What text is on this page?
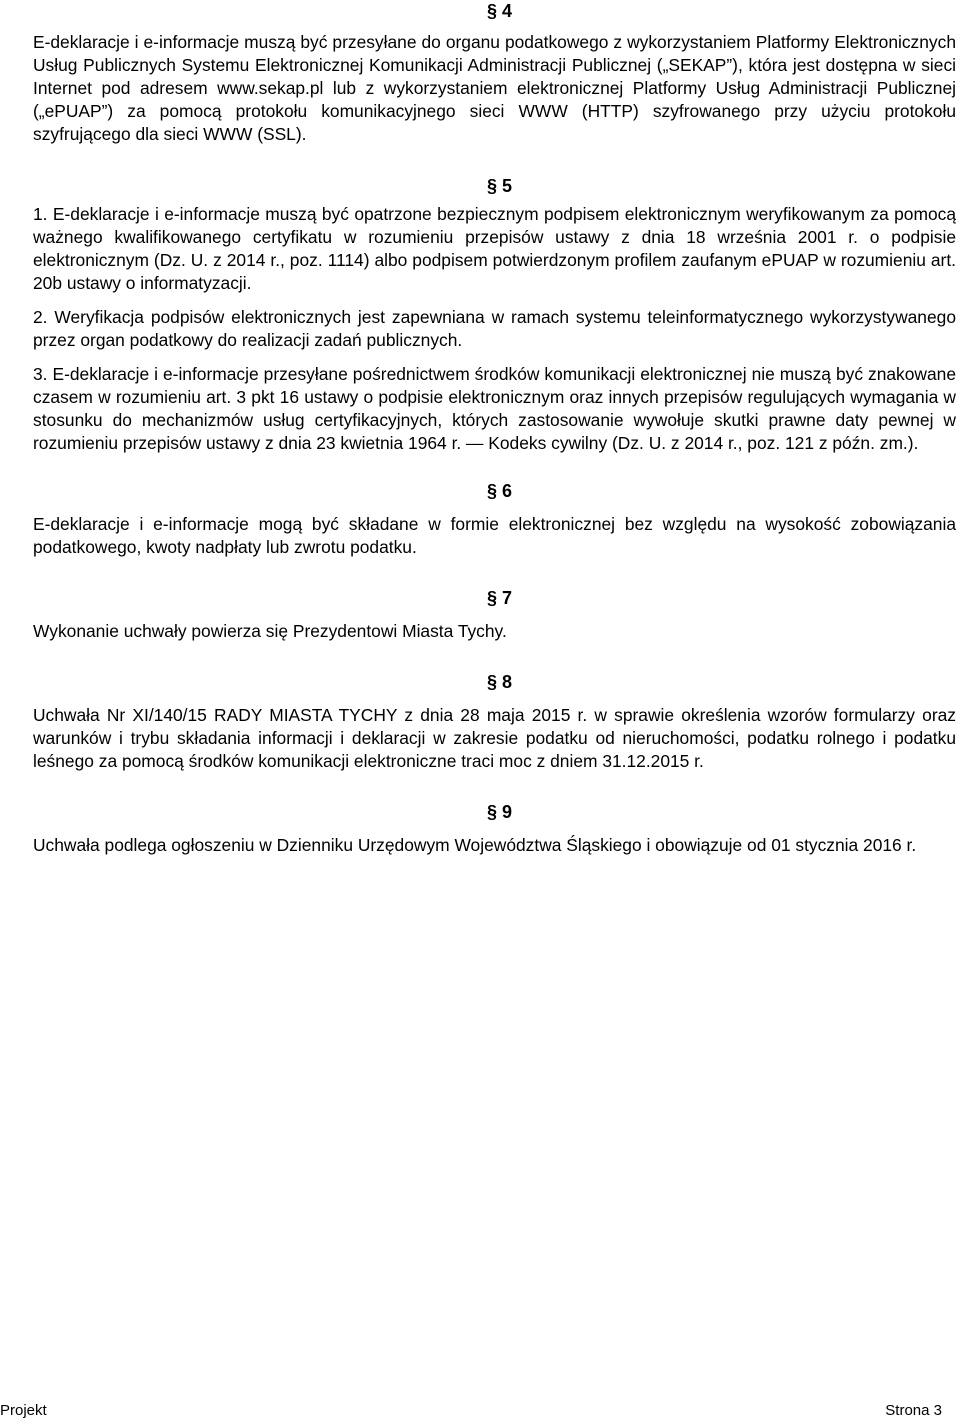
§ 4

E-deklaracje i e-informacje muszą być przesyłane do organu podatkowego z wykorzystaniem Platformy Elektronicznych Usług Publicznych Systemu Elektronicznej Komunikacji Administracji Publicznej („SEKAP”), która jest dostępna w sieci Internet pod adresem www.sekap.pl lub z wykorzystaniem elektronicznej Platformy Usług Administracji Publicznej („ePUAP”) za pomocą protokołu komunikacyjnego sieci WWW (HTTP) szyfrowanego przy użyciu protokołu szyfrującego dla sieci WWW (SSL).

§ 5

1. E-deklaracje i e-informacje muszą być opatrzone bezpiecznym podpisem elektronicznym weryfikowanym za pomocą ważnego kwalifikowanego certyfikatu w rozumieniu przepisów ustawy z dnia 18 września 2001 r. o podpisie elektronicznym (Dz. U. z 2014 r., poz. 1114) albo podpisem potwierdzonym profilem zaufanym ePUAP w rozumieniu art. 20b ustawy o informatyzacji.

2. Weryfikacja podpisów elektronicznych jest zapewniana w ramach systemu teleinformatycznego wykorzystywanego przez organ podatkowy do realizacji zadań publicznych.

3. E-deklaracje i e-informacje przesyłane pośrednictwem środków komunikacji elektronicznej nie muszą być znakowane czasem w rozumieniu art. 3 pkt 16 ustawy o podpisie elektronicznym oraz innych przepisów regulujących wymagania w stosunku do mechanizmów usług certyfikacyjnych, których zastosowanie wywołuje skutki prawne daty pewnej w rozumieniu przepisów ustawy z dnia 23 kwietnia 1964 r. — Kodeks cywilny (Dz. U. z 2014 r., poz. 121 z późn. zm.).

§ 6

E-deklaracje i e-informacje mogą być składane w formie elektronicznej bez względu na wysokość zobowiązania podatkowego, kwoty nadpłaty lub zwrotu podatku.

§ 7

Wykonanie uchwały powierza się Prezydentowi Miasta Tychy.

§ 8

Uchwała Nr XI/140/15 RADY MIASTA TYCHY z dnia 28 maja 2015 r. w sprawie określenia wzorów formularzy oraz warunków i trybu składania informacji i deklaracji w zakresie podatku od nieruchomości, podatku rolnego i podatku leśnego za pomocą środków komunikacji elektroniczne traci moc z dniem 31.12.2015 r.

§ 9

Uchwała podlega ogłoszeniu w Dzienniku Urzędowym Województwa Śląskiego i obowiązuje od 01 stycznia 2016 r.

Projekt	Strona 3
